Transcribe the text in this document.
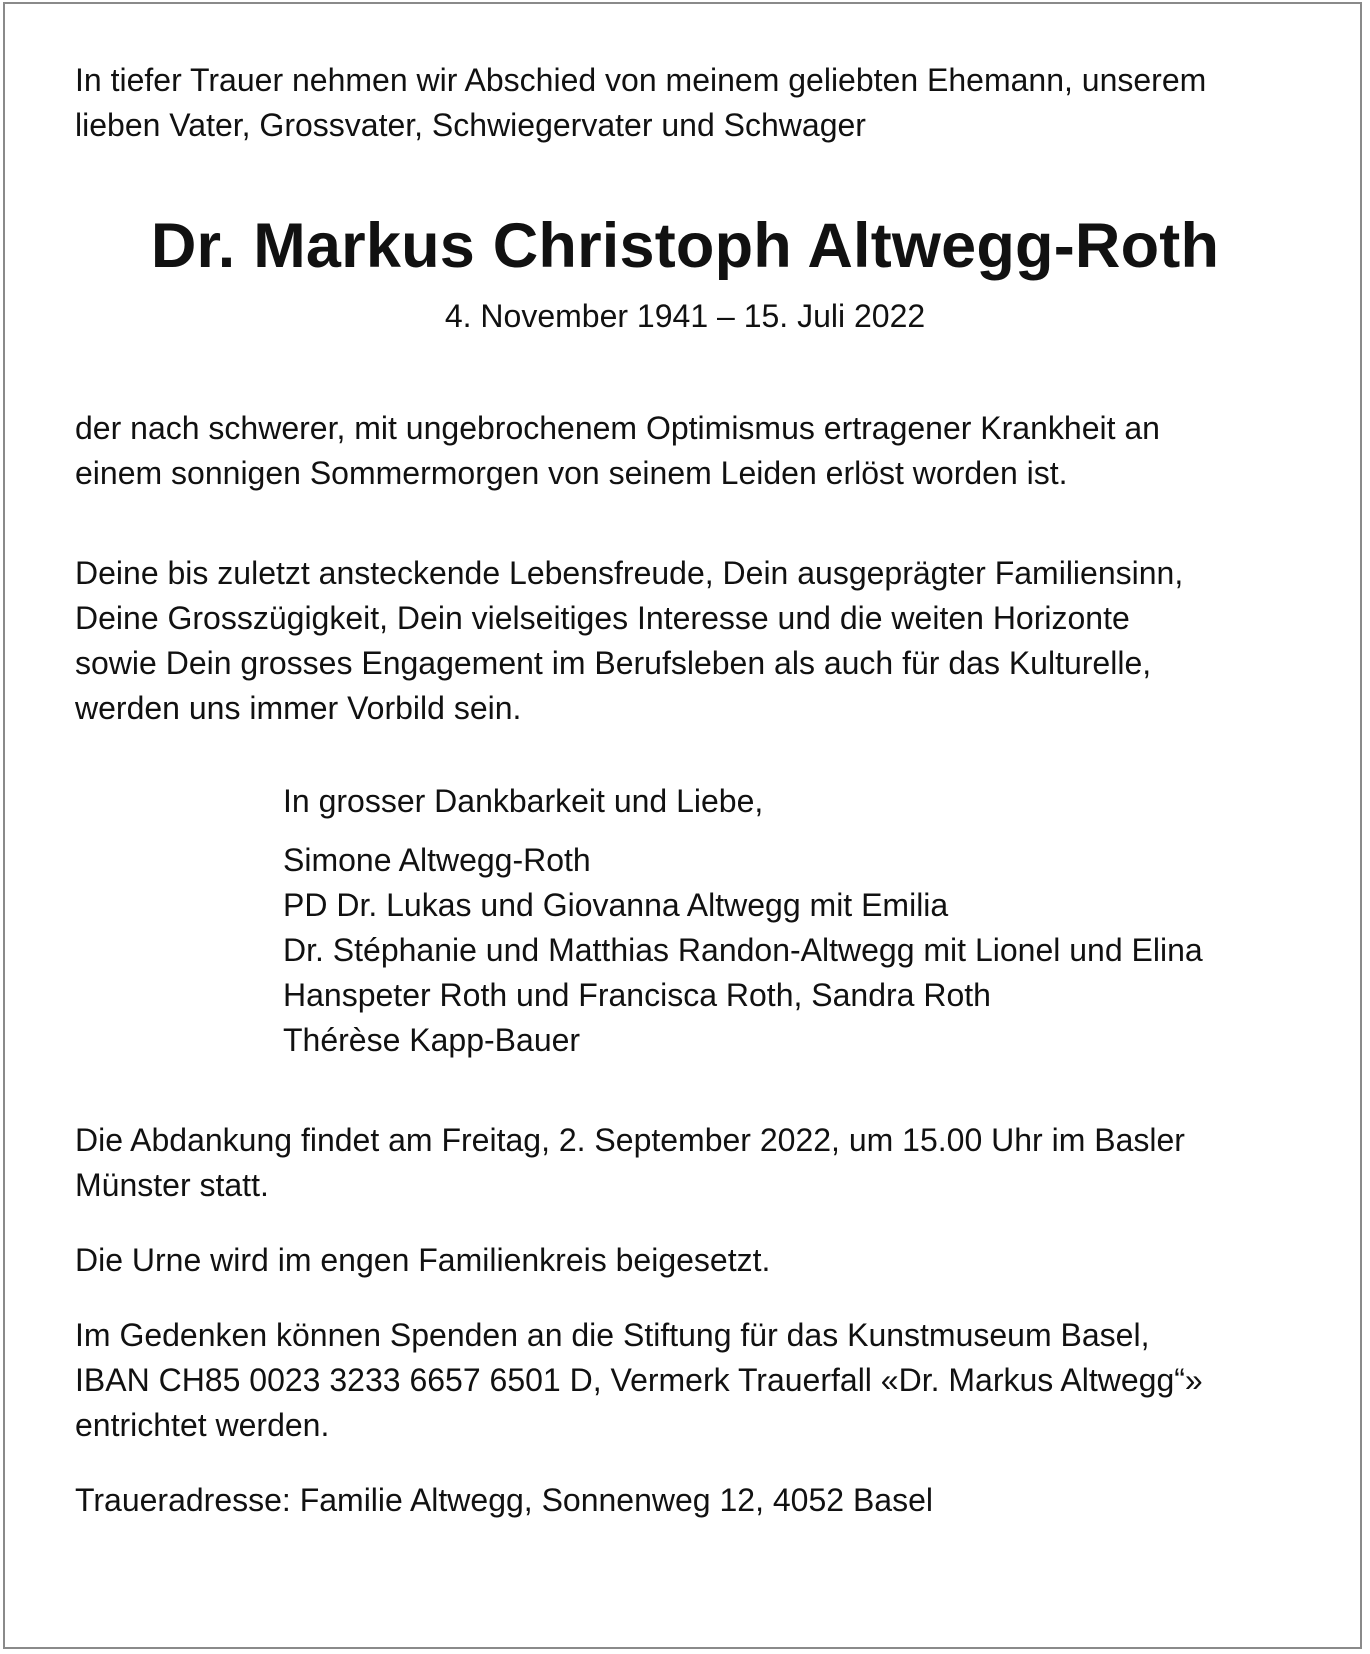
In tiefer Trauer nehmen wir Abschied von meinem geliebten Ehemann, unserem
lieben Vater, Grossvater, Schwiegervater und Schwager

Dr. Markus Christoph Altwegg-Roth

4. November 1941 – 15. Juli 2022

der nach schwerer, mit ungebrochenem Optimismus ertragener Krankheit an
einem sonnigen Sommermorgen von seinem Leiden erlöst worden ist.

Deine bis zuletzt ansteckende Lebensfreude, Dein ausgeprägter Familiensinn,
Deine Grosszügigkeit, Dein vielseitiges Interesse und die weiten Horizonte
sowie Dein grosses Engagement im Berufsleben als auch für das Kulturelle,
werden uns immer Vorbild sein.

In grosser Dankbarkeit und Liebe,
Simone Altwegg-Roth
PD Dr. Lukas und Giovanna Altwegg mit Emilia
Dr. Stéphanie und Matthias Randon-Altwegg mit Lionel und Elina
Hanspeter Roth und Francisca Roth, Sandra Roth
Thérèse Kapp-Bauer

Die Abdankung findet am Freitag, 2. September 2022, um 15.00 Uhr im Basler
Münster statt.

Die Urne wird im engen Familienkreis beigesetzt.

Im Gedenken können Spenden an die Stiftung für das Kunstmuseum Basel,
IBAN CH85 0023 3233 6657 6501 D, Vermerk Trauerfall «Dr. Markus Altwegg“»
entrichtet werden.

Traueradresse: Familie Altwegg, Sonnenweg 12, 4052 Basel
